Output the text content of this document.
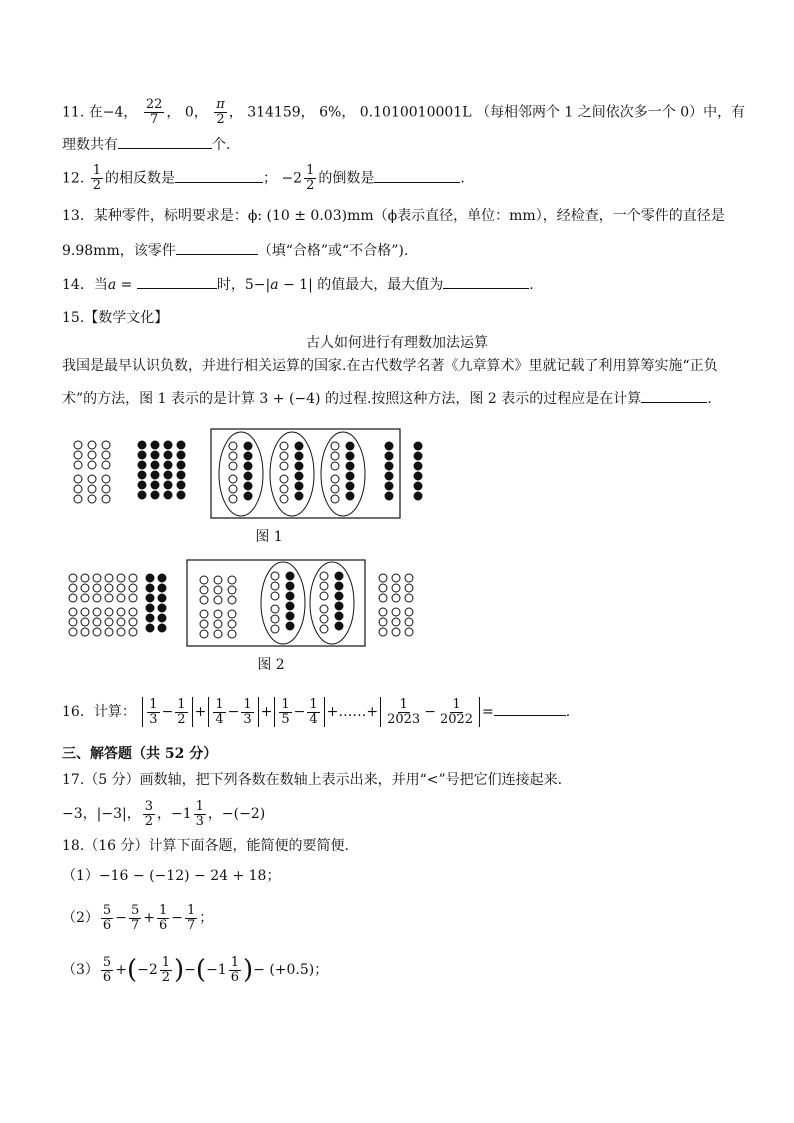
11. 在−4， $\frac{22}{7}$ ， 0， $\frac{\pi}{2}$ ， 314159， 6%， 0.1010010001L （每相邻两个 1 之间依次多一个 0）中，有
理数共有	个.
12. $\frac{1}{2}$ 的相反数是	； $-2 \frac{1}{2}$ 的倒数是	.
13．某种零件，标明要求是：ϕ: (10 ± 0.03)mm（ϕ表示直径，单位：mm），经检查，一个零件的直径是
9.98mm，该零件	（填“合格”或“不合格”).
14．当a =	时，5−|a − 1| 的值最大，最大值为	.
15.【数学文化】
古人如何进行有理数加法运算
我国是最早认识负数，并进行相关运算的国家.在古代数学名著《九章算术》里就记载了利用算筹实施“正负
术”的方法，图 1 表示的是计算 3 + (−4) 的过程.按照这种方法，图 2 表示的过程应是在计算	.
图 1
图 2
16．计算： $\frac{1}{3} - \frac{1}{2} + \frac{1}{4} - \frac{1}{3} + \frac{1}{5} - \frac{1}{4}$ +……+ $\frac{1}{2023} - \frac{1}{2022}$ =	.
三、解答题（共 52 分）
17.（5 分）画数轴，把下列各数在数轴上表示出来，并用“<”号把它们连接起来.
−3，|−3|， $\frac{3}{2}$ ，$-1 \frac{1}{3}$ ，−(−2)
18.（16 分）计算下面各题，能简便的要简便.
（1）−16 − (−12) − 24 + 18；
$(2) \frac{5}{6} - \frac{5}{7} + \frac{1}{6} - \frac{1}{7}$ ；
$(3) \frac{5}{6} +(-2 \frac{1}{2} )-(-1 \frac{1}{6}$ )− (+0.5)；
